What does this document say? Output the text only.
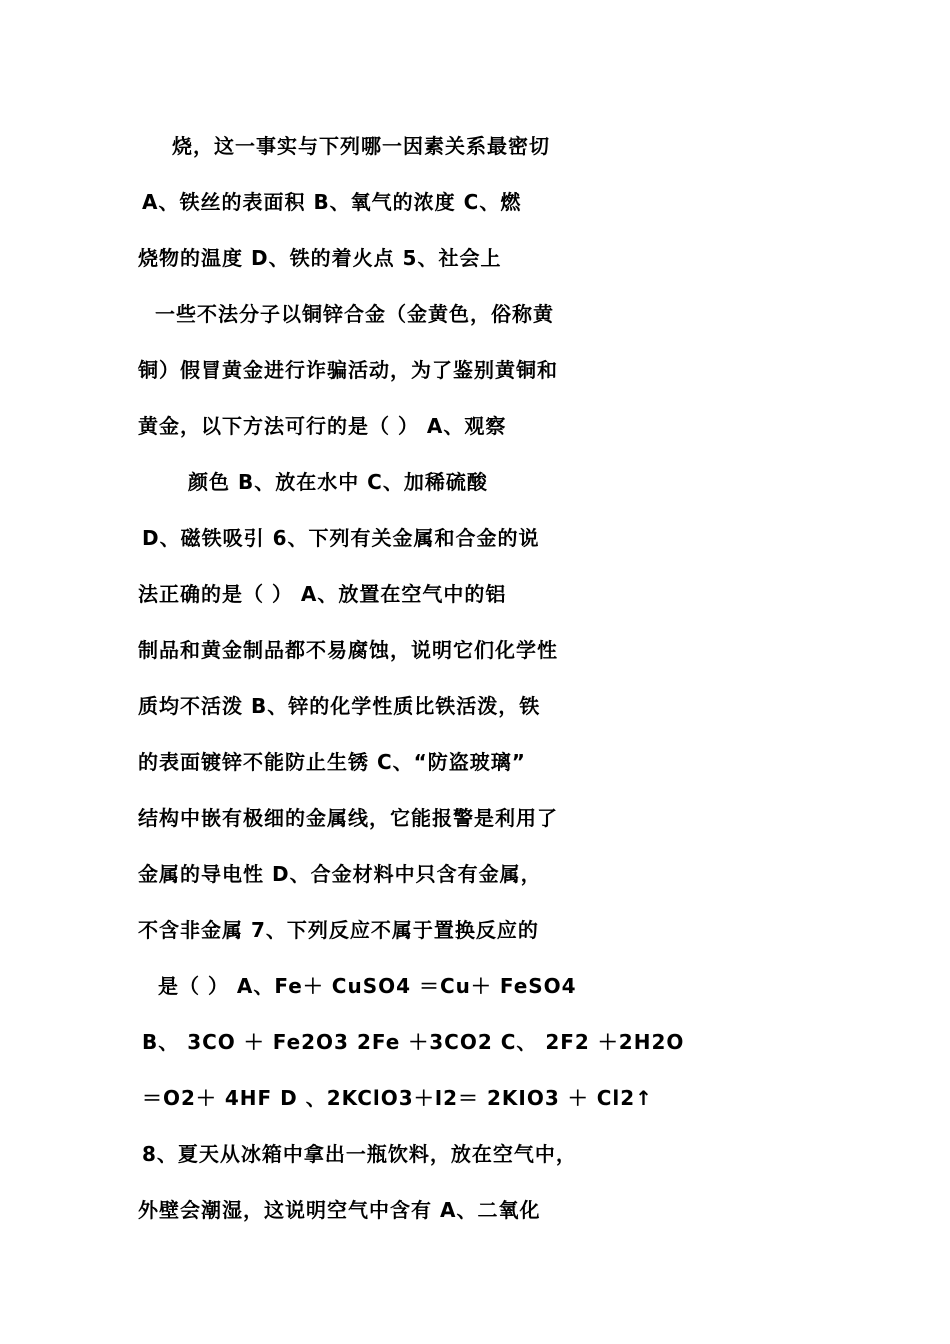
烧，这一事实与下列哪一因素关系最密切
A、铁丝的表面积 B、氧气的浓度 C、燃
烧物的温度 D、铁的着火点 5、社会上
一些不法分子以铜锌合金（金黄色，俗称黄
铜）假冒黄金进行诈骗活动，为了鉴别黄铜和
黄金，以下方法可行的是（ ） A、观察
颜色 B、放在水中 C、加稀硫酸
D、磁铁吸引 6、下列有关金属和合金的说
法正确的是（ ） A、放置在空气中的铝
制品和黄金制品都不易腐蚀，说明它们化学性
质均不活泼 B、锌的化学性质比铁活泼，铁
的表面镀锌不能防止生锈 C、“防盗玻璃”
结构中嵌有极细的金属线，它能报警是利用了
金属的导电性 D、合金材料中只含有金属，
不含非金属 7、下列反应不属于置换反应的
是（ ） A、Fe＋ CuSO4 ＝Cu＋ FeSO4
B、 3CO ＋ Fe2O3 2Fe ＋3CO2 C、 2F2 ＋2H2O
＝O2＋ 4HF D 、2KClO3＋I2＝ 2KIO3 ＋ Cl2↑
8、夏天从冰箱中拿出一瓶饮料，放在空气中，
外壁会潮湿，这说明空气中含有 A、二氧化
